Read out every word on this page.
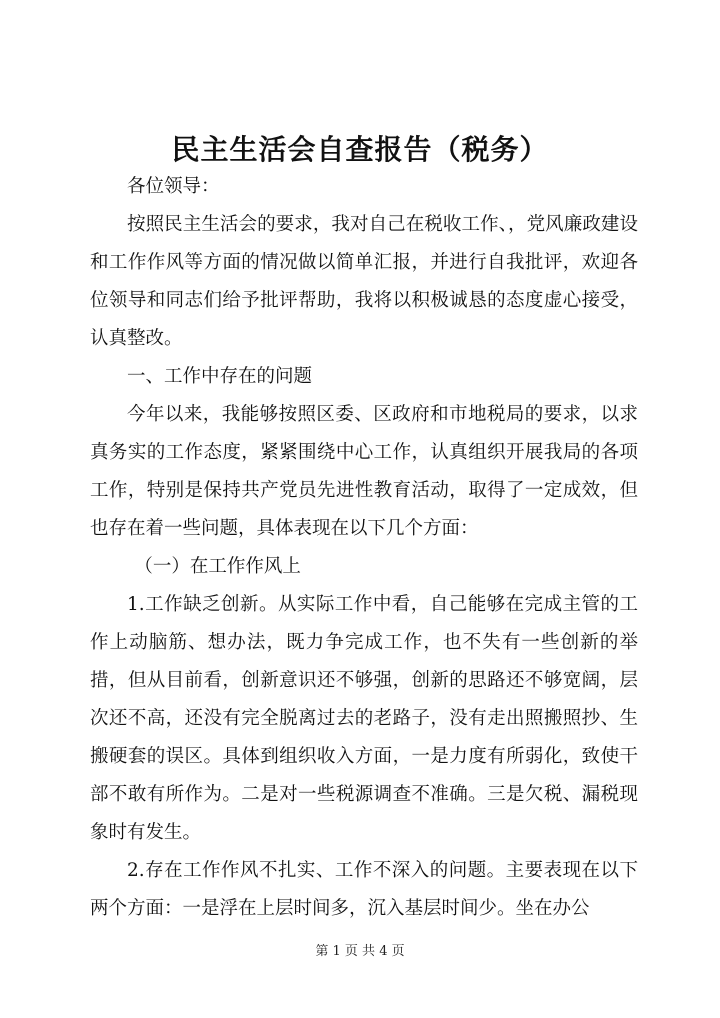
民主生活会自查报告（税务）

各位领导：

按照民主生活会的要求，我对自己在税收工作、，党风廉政建设和工作作风等方面的情况做以简单汇报，并进行自我批评，欢迎各位领导和同志们给予批评帮助，我将以积极诚恳的态度虚心接受，认真整改。

一、工作中存在的问题

今年以来，我能够按照区委、区政府和市地税局的要求，以求真务实的工作态度，紧紧围绕中心工作，认真组织开展我局的各项工作，特别是保持共产党员先进性教育活动，取得了一定成效，但也存在着一些问题，具体表现在以下几个方面：

（一）在工作作风上

1.工作缺乏创新。从实际工作中看，自己能够在完成主管的工作上动脑筋、想办法，既力争完成工作，也不失有一些创新的举措，但从目前看，创新意识还不够强，创新的思路还不够宽阔，层次还不高，还没有完全脱离过去的老路子，没有走出照搬照抄、生搬硬套的误区。具体到组织收入方面，一是力度有所弱化，致使干部不敢有所作为。二是对一些税源调查不准确。三是欠税、漏税现象时有发生。

2.存在工作作风不扎实、工作不深入的问题。主要表现在以下两个方面：一是浮在上层时间多，沉入基层时间少。坐在办公

第 1 页 共 4 页
